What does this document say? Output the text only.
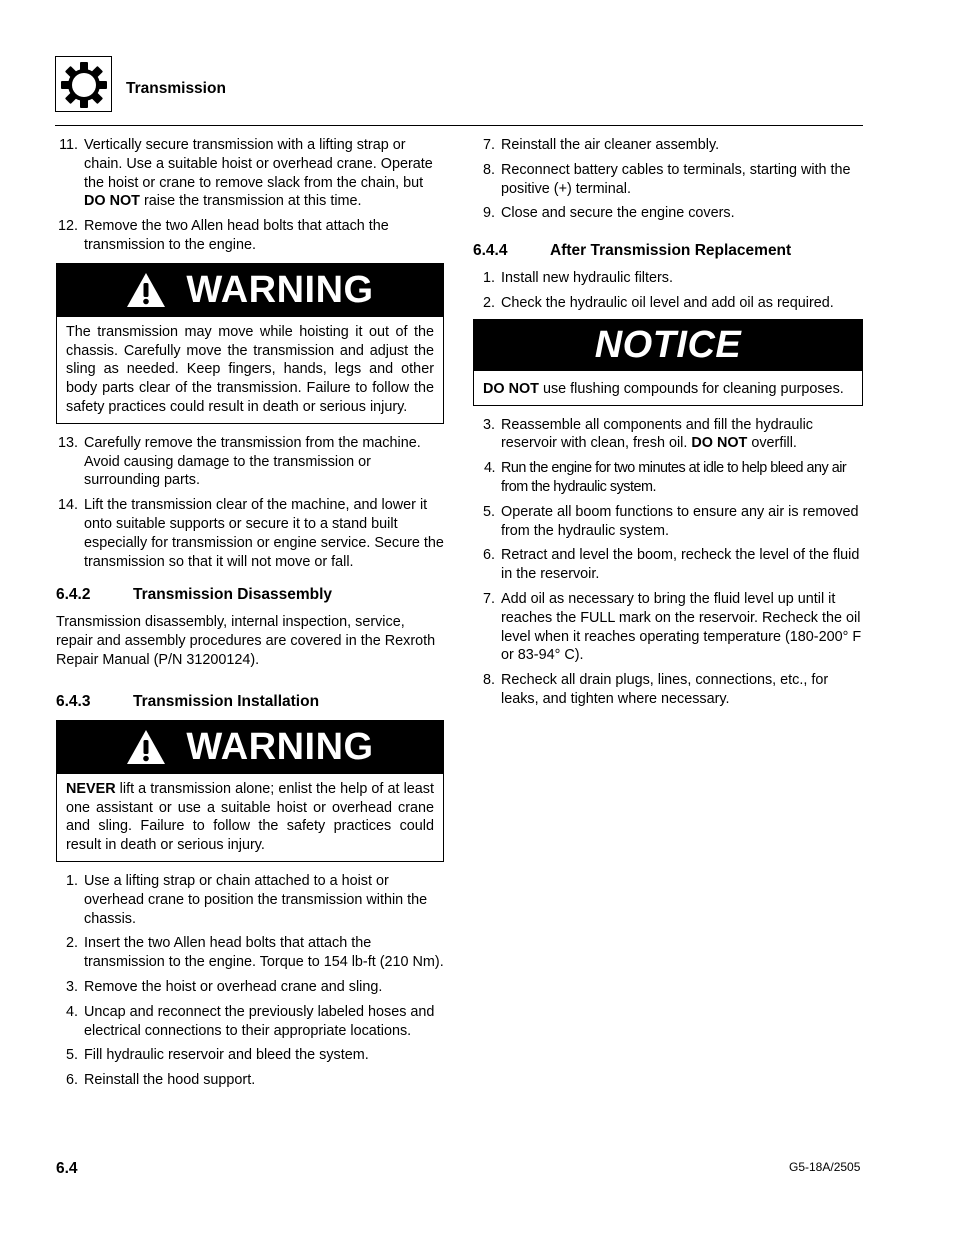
Transmission
11. Vertically secure transmission with a lifting strap or chain. Use a suitable hoist or overhead crane. Operate the hoist or crane to remove slack from the chain, but DO NOT raise the transmission at this time.
12. Remove the two Allen head bolts that attach the transmission to the engine.
WARNING
The transmission may move while hoisting it out of the chassis. Carefully move the transmission and adjust the sling as needed. Keep fingers, hands, legs and other body parts clear of the transmission. Failure to follow the safety practices could result in death or serious injury.
13. Carefully remove the transmission from the machine. Avoid causing damage to the transmission or surrounding parts.
14. Lift the transmission clear of the machine, and lower it onto suitable supports or secure it to a stand built especially for transmission or engine service. Secure the transmission so that it will not move or fall.
6.4.2	Transmission Disassembly
Transmission disassembly, internal inspection, service, repair and assembly procedures are covered in the Rexroth Repair Manual (P/N 31200124).
6.4.3	Transmission Installation
WARNING
NEVER lift a transmission alone; enlist the help of at least one assistant or use a suitable hoist or overhead crane and sling. Failure to follow the safety practices could result in death or serious injury.
1. Use a lifting strap or chain attached to a hoist or overhead crane to position the transmission within the chassis.
2. Insert the two Allen head bolts that attach the transmission to the engine. Torque to 154 lb-ft (210 Nm).
3. Remove the hoist or overhead crane and sling.
4. Uncap and reconnect the previously labeled hoses and electrical connections to their appropriate locations.
5. Fill hydraulic reservoir and bleed the system.
6. Reinstall the hood support.
7. Reinstall the air cleaner assembly.
8. Reconnect battery cables to terminals, starting with the positive (+) terminal.
9. Close and secure the engine covers.
6.4.4	After Transmission Replacement
1. Install new hydraulic filters.
2. Check the hydraulic oil level and add oil as required.
NOTICE
DO NOT use flushing compounds for cleaning purposes.
3. Reassemble all components and fill the hydraulic reservoir with clean, fresh oil. DO NOT overfill.
4. Run the engine for two minutes at idle to help bleed any air from the hydraulic system.
5. Operate all boom functions to ensure any air is removed from the hydraulic system.
6. Retract and level the boom, recheck the level of the fluid in the reservoir.
7. Add oil as necessary to bring the fluid level up until it reaches the FULL mark on the reservoir. Recheck the oil level when it reaches operating temperature (180-200° F or 83-94° C).
8. Recheck all drain plugs, lines, connections, etc., for leaks, and tighten where necessary.
6.4	G5-18A/2505
